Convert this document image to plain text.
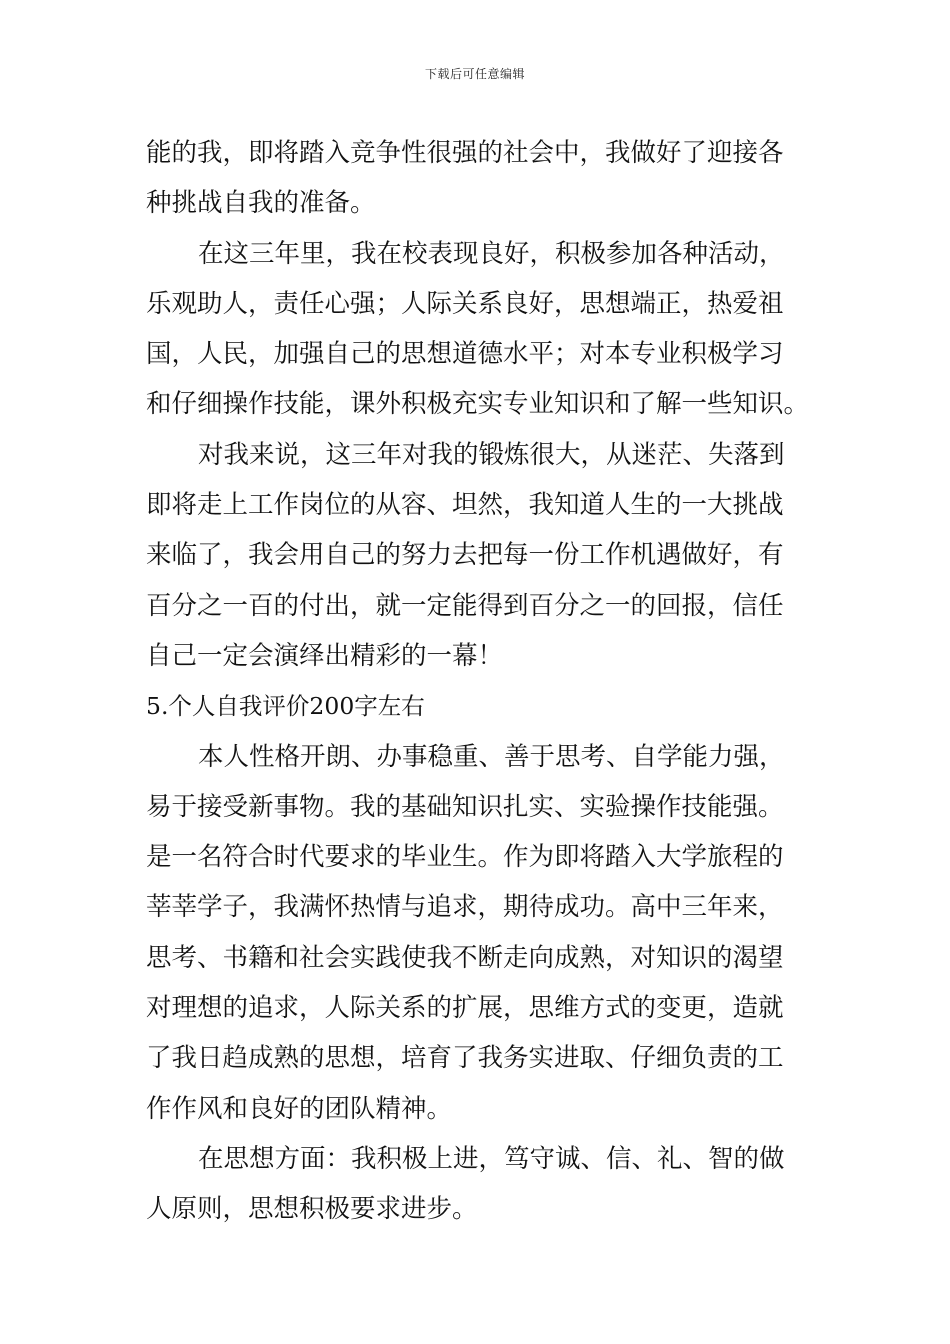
下载后可任意编辑
能的我，即将踏入竞争性很强的社会中，我做好了迎接各
种挑战自我的准备。
在这三年里，我在校表现良好，积极参加各种活动，
乐观助人，责任心强；人际关系良好，思想端正，热爱祖
国，人民，加强自己的思想道德水平；对本专业积极学习
和仔细操作技能，课外积极充实专业知识和了解一些知识。
对我来说，这三年对我的锻炼很大，从迷茫、失落到
即将走上工作岗位的从容、坦然，我知道人生的一大挑战
来临了，我会用自己的努力去把每一份工作机遇做好，有
百分之一百的付出，就一定能得到百分之一的回报，信任
自己一定会演绎出精彩的一幕！
5.个人自我评价200字左右
本人性格开朗、办事稳重、善于思考、自学能力强，
易于接受新事物。我的基础知识扎实、实验操作技能强。
是一名符合时代要求的毕业生。作为即将踏入大学旅程的
莘莘学子，我满怀热情与追求，期待成功。高中三年来，
思考、书籍和社会实践使我不断走向成熟，对知识的渴望
对理想的追求，人际关系的扩展，思维方式的变更，造就
了我日趋成熟的思想，培育了我务实进取、仔细负责的工
作作风和良好的团队精神。
在思想方面：我积极上进，笃守诚、信、礼、智的做
人原则，思想积极要求进步。
